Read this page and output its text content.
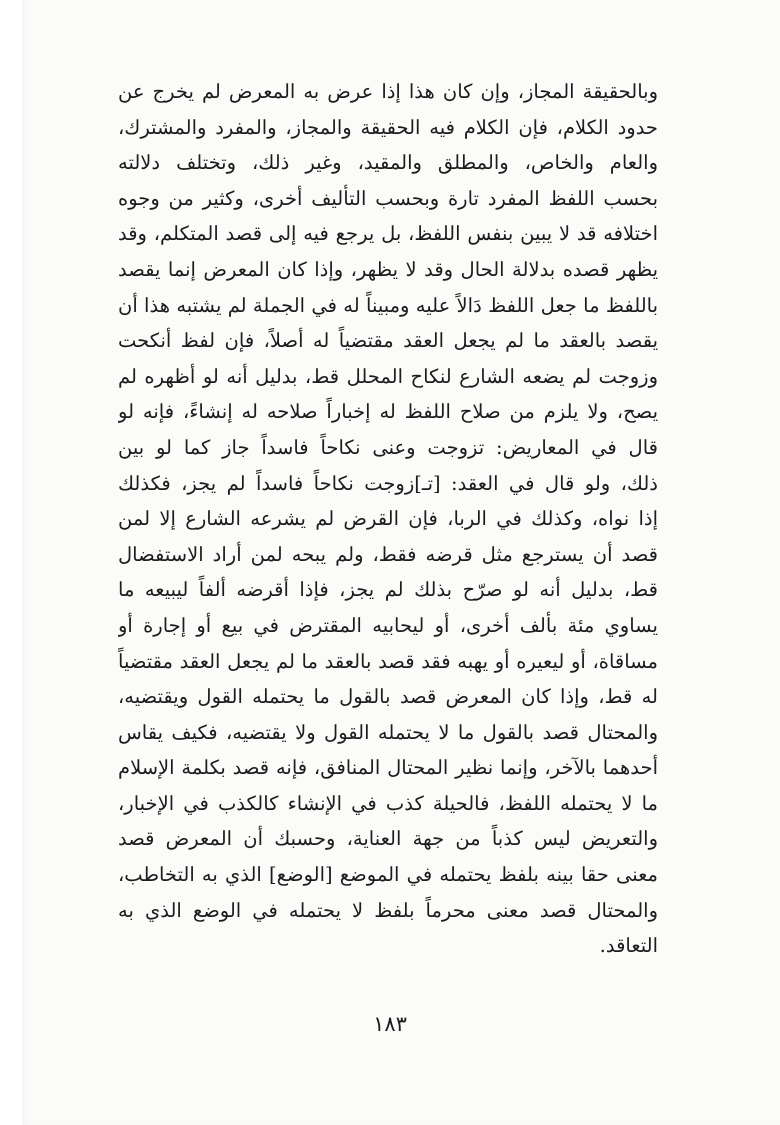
وبالحقيقة المجاز، وإن كان هذا إذا عرض به المعرض لم يخرج عن
حدود الكلام، فإن الكلام فيه الحقيقة والمجاز، والمفرد والمشترك،
والعام والخاص، والمطلق والمقيد، وغير ذلك، وتختلف دلالته
بحسب اللفظ المفرد تارة وبحسب التأليف أخرى، وكثير من وجوه
اختلافه قد لا يبين بنفس اللفظ، بل يرجع فيه إلى قصد المتكلم، وقد
يظهر قصده بدلالة الحال وقد لا يظهر، وإذا كان المعرض إنما يقصد
باللفظ ما جعل اللفظ دَالاً عليه ومبيناً له في الجملة لم يشتبه هذا أن
يقصد بالعقد ما لم يجعل العقد مقتضياً له أصلاً، فإن لفظ أنكحت
وزوجت لم يضعه الشارع لنكاح المحلل قط، بدليل أنه لو أظهره لم
يصح، ولا يلزم من صلاح اللفظ له إخباراً صلاحه له إنشاءً، فإنه لو
قال في المعاريض: تزوجت وعنى نكاحاً فاسداً جاز كما لو بين
ذلك، ولو قال في العقد: [تـ]زوجت نكاحاً فاسداً لم يجز، فكذلك
إذا نواه، وكذلك في الربا، فإن القرض لم يشرعه الشارع إلا لمن
قصد أن يسترجع مثل قرضه فقط، ولم يبحه لمن أراد الاستفضال
قط، بدليل أنه لو صرّح بذلك لم يجز، فإذا أقرضه ألفاً ليبيعه ما
يساوي مئة بألف أخرى، أو ليحابيه المقترض في بيع أو إجارة أو
مساقاة، أو ليعيره أو يهبه فقد قصد بالعقد ما لم يجعل العقد مقتضياً
له قط، وإذا كان المعرض قصد بالقول ما يحتمله القول ويقتضيه،
والمحتال قصد بالقول ما لا يحتمله القول ولا يقتضيه، فكيف يقاس
أحدهما بالآخر، وإنما نظير المحتال المنافق، فإنه قصد بكلمة الإسلام
ما لا يحتمله اللفظ، فالحيلة كذب في الإنشاء كالكذب في الإخبار،
والتعريض ليس كذباً من جهة العناية، وحسبك أن المعرض قصد
معنى حقا بينه بلفظ يحتمله في الموضع [الوضع] الذي به التخاطب،
والمحتال قصد معنى محرماً بلفظ لا يحتمله في الوضع الذي به
التعاقد.
١٨٣
